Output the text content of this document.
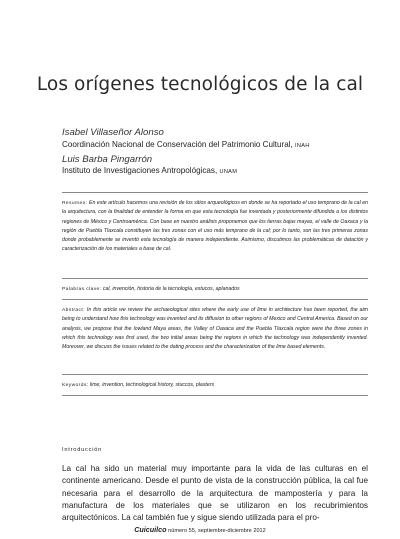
Los orígenes tecnológicos de la cal
Isabel Villaseñor Alonso
Coordinación Nacional de Conservación del Patrimonio Cultural, INAH
Luis Barba Pingarrón
Instituto de Investigaciones Antropológicas, UNAM
Resumen: En este artículo hacemos una revisión de los sitios arqueológicos en donde se ha reportado el uso temprano de la cal en la arquitectura, con la finalidad de entender la forma en que esta tecnología fue inventada y posteriormente difundida a los distintos regiones de México y Centroamérica. Con base en nuestro análisis proponemos que los tierras bajas mayas, el valle de Oaxaca y la región de Puebla Tlaxcala constituyen las tres zonas con el uso más temprano de la cal; por lo tanto, son las tres primeras zonas donde probablemente se inventó esta tecnología de manera independiente. Asimismo, discutimos las problemáticas de datación y caracterización de los materiales a base de cal.
Palabras clave: cal, invención, historia de la tecnología, estucos, aplanados
Abstract: In this article we review the archaeological sites where the early use of lime in architecture has been reported, the aim being to understand how this technology was invented and its diffusion to other regions of Mexico and Central America. Based on our analysis, we propose that the lowland Maya areas, the Valley of Oaxaca and the Puebla Tlaxcala region were the three zones in which this technology was first used, the two initial areas being the regions in which the technology was independently invented. Moreover, we discuss the issues related to the dating process and the characterization of the lime based elements.
Keywords: lime, invention, technological history, stuccos, plasters
Introducción

La cal ha sido un material muy importante para la vida de las culturas en el continente americano. Desde el punto de vista de la construcción pública, la cal fue necesaria para el desarrollo de la arquitectura de mampostería y para la manufactura de los materiales que se utilizaron en los recubrimientos arquitectónicos. La cal también fue y sigue siendo utilizada para el pro-

Cuicuilco número 55, septiembre-diciembre 2012
